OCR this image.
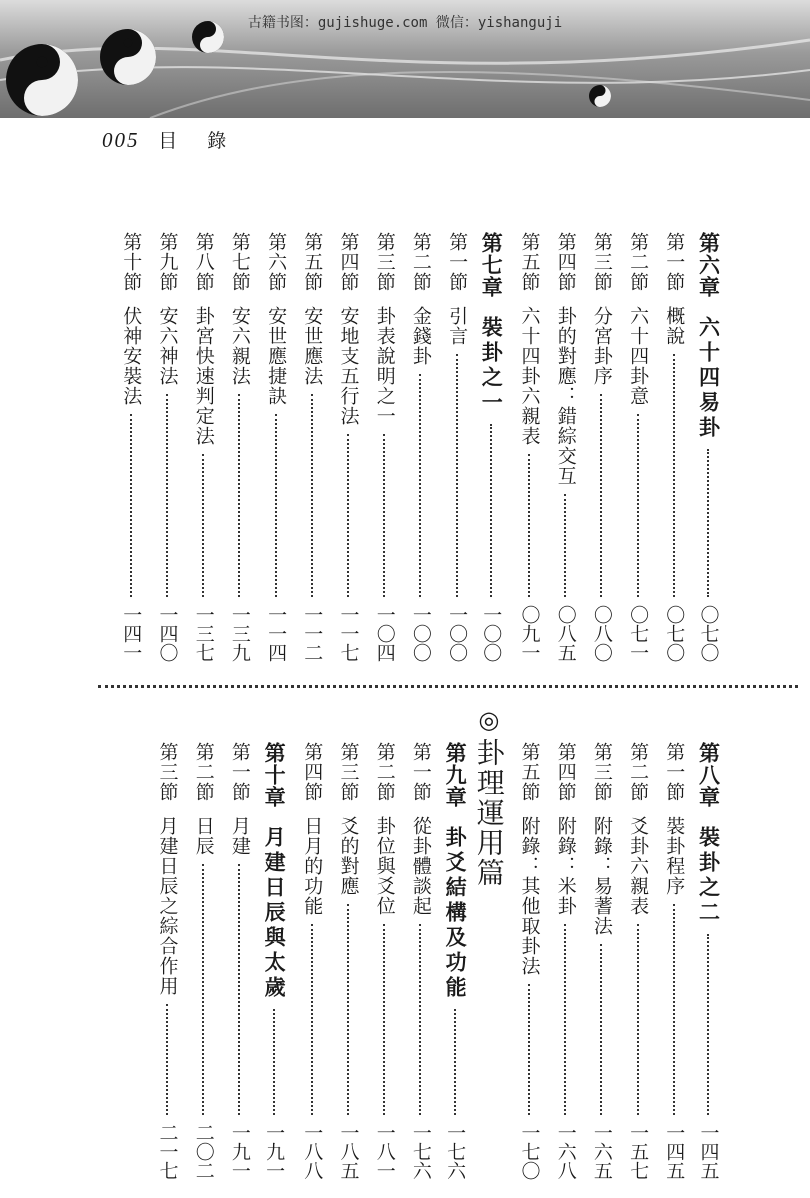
古籍书图：gujishuge.com 微信：yishanguji
005 目 錄
第六章
六十四易卦
〇七〇
第一節
概說
〇七〇
第二節
六十四卦意
〇七一
第三節
分宮卦序
〇八〇
第四節
卦的對應：錯綜交互
〇八五
第五節
六十四卦六親表
〇九一
第七章
裝卦之一
一〇〇
第一節
引言
一〇〇
第二節
金錢卦
一〇〇
第三節
卦表說明之一
一〇四
第四節
安地支五行法
一一七
第五節
安世應法
一一二
第六節
安世應捷訣
一一四
第七節
安六親法
一三九
第八節
卦宮快速判定法
一三七
第九節
安六神法
一四〇
第十節
伏神安裝法
一四一
第八章
裝卦之二
一四五
第一節
裝卦程序
一四五
第二節
爻卦六親表
一五七
第三節
附錄：易蓍法
一六五
第四節
附錄：米卦
一六八
第五節
附錄：其他取卦法
一七〇
◎
卦理運用篇
第九章
卦爻結構及功能
一七六
第一節
從卦體談起
一七六
第二節
卦位與爻位
一八一
第三節
爻的對應
一八五
第四節
日月的功能
一八八
第十章
月建日辰與太歲
一九一
第一節
月建
一九一
第二節
日辰
二〇二
第三節
月建日辰之綜合作用
二一七
